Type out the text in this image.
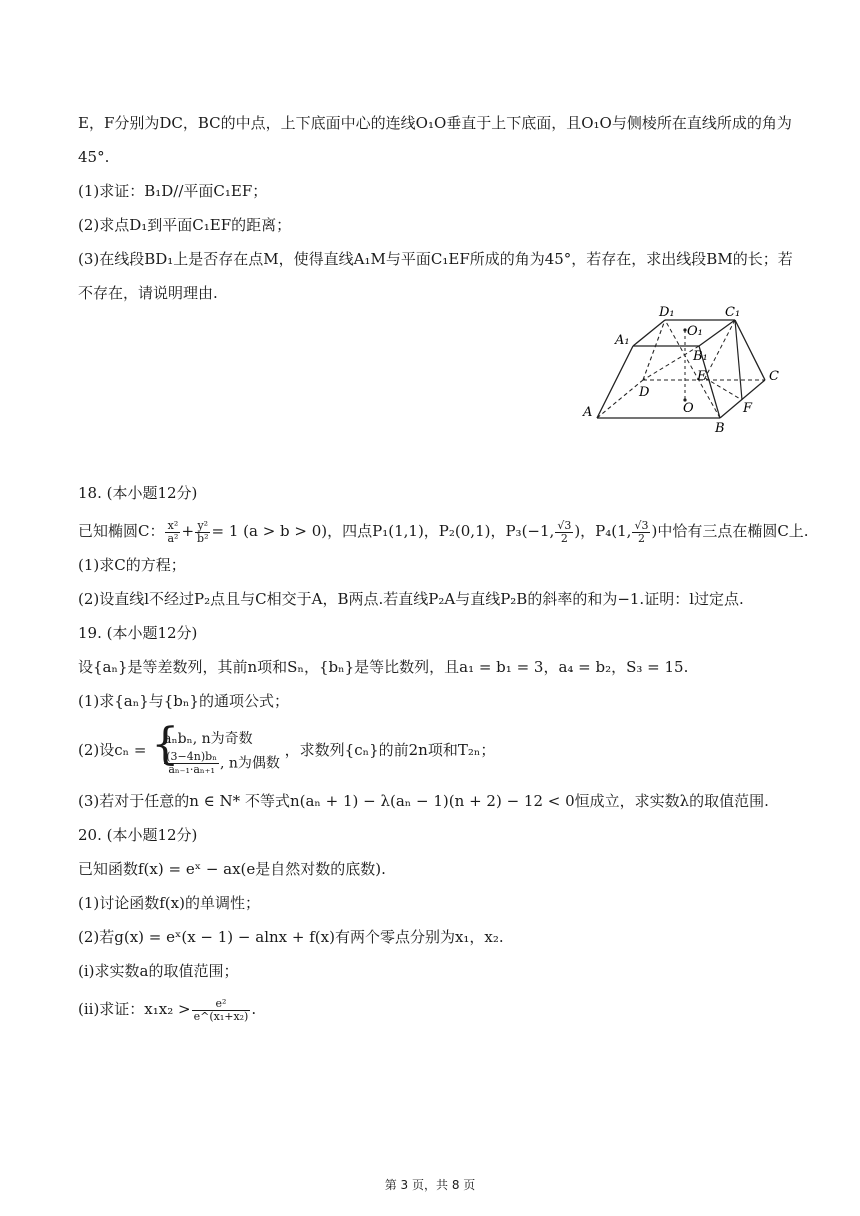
E，F分别为DC，BC的中点，上下底面中心的连线O₁O垂直于上下底面，且O₁O与侧棱所在直线所成的角为
45°.
(1)求证：B₁D//平面C₁EF；
(2)求点D₁到平面C₁EF的距离；
(3)在线段BD₁上是否存在点M，使得直线A₁M与平面C₁EF所成的角为45°，若存在，求出线段BM的长；若
不存在，请说明理由.
D₁	C₁
A₁
O₁
B₁
E	C
D
O	F
A
B
18. (本小题12分)
已知椭圆C： $\frac{\text{x²}}{\text{a²}} + \frac{\text{y²}}{\text{b²}} = 1$ (a > b > 0)，四点P₁(1,1)，P₂(0,1)，P₃(−1, $\frac{√3}{2}$ )，P₄(1, $\frac{√3}{2}$ )中恰有三点在椭圆C上.
(1)求C的方程；
(2)设直线l不经过P₂点且与C相交于A，B两点.若直线P₂A与直线P₂B的斜率的和为−1.证明：l过定点.
19. (本小题12分)
设{aₙ}是等差数列，其前n项和Sₙ，{bₙ}是等比数列，且a₁ = b₁ = 3，a₄ = b₂，S₃ = 15.
(1)求{aₙ}与{bₙ}的通项公式；
(2)设cₙ = {
aₙbₙ, n为奇数
$\frac{\text{(3−4n)bₙ}}{\text{aₙ₋₁·aₙ₊₁}}$ , n为偶数
，求数列{cₙ}的前2n项和T₂ₙ；
(3)若对于任意的n ∈ N* 不等式n(aₙ + 1) − λ(aₙ − 1)(n + 2) − 12 < 0恒成立，求实数λ的取值范围.
20. (本小题12分)
已知函数f(x) = eˣ − ax(e是自然对数的底数).
(1)讨论函数f(x)的单调性；
(2)若g(x) = eˣ(x − 1) − alnx + f(x)有两个零点分别为x₁，x₂.
(i)求实数a的取值范围；
(ii)求证：$x_1x_2 > \frac{\text{e²}}{\text{e\textasciicircum{}(x₁+x₂)}}$ .
第 3 页，共 8 页
